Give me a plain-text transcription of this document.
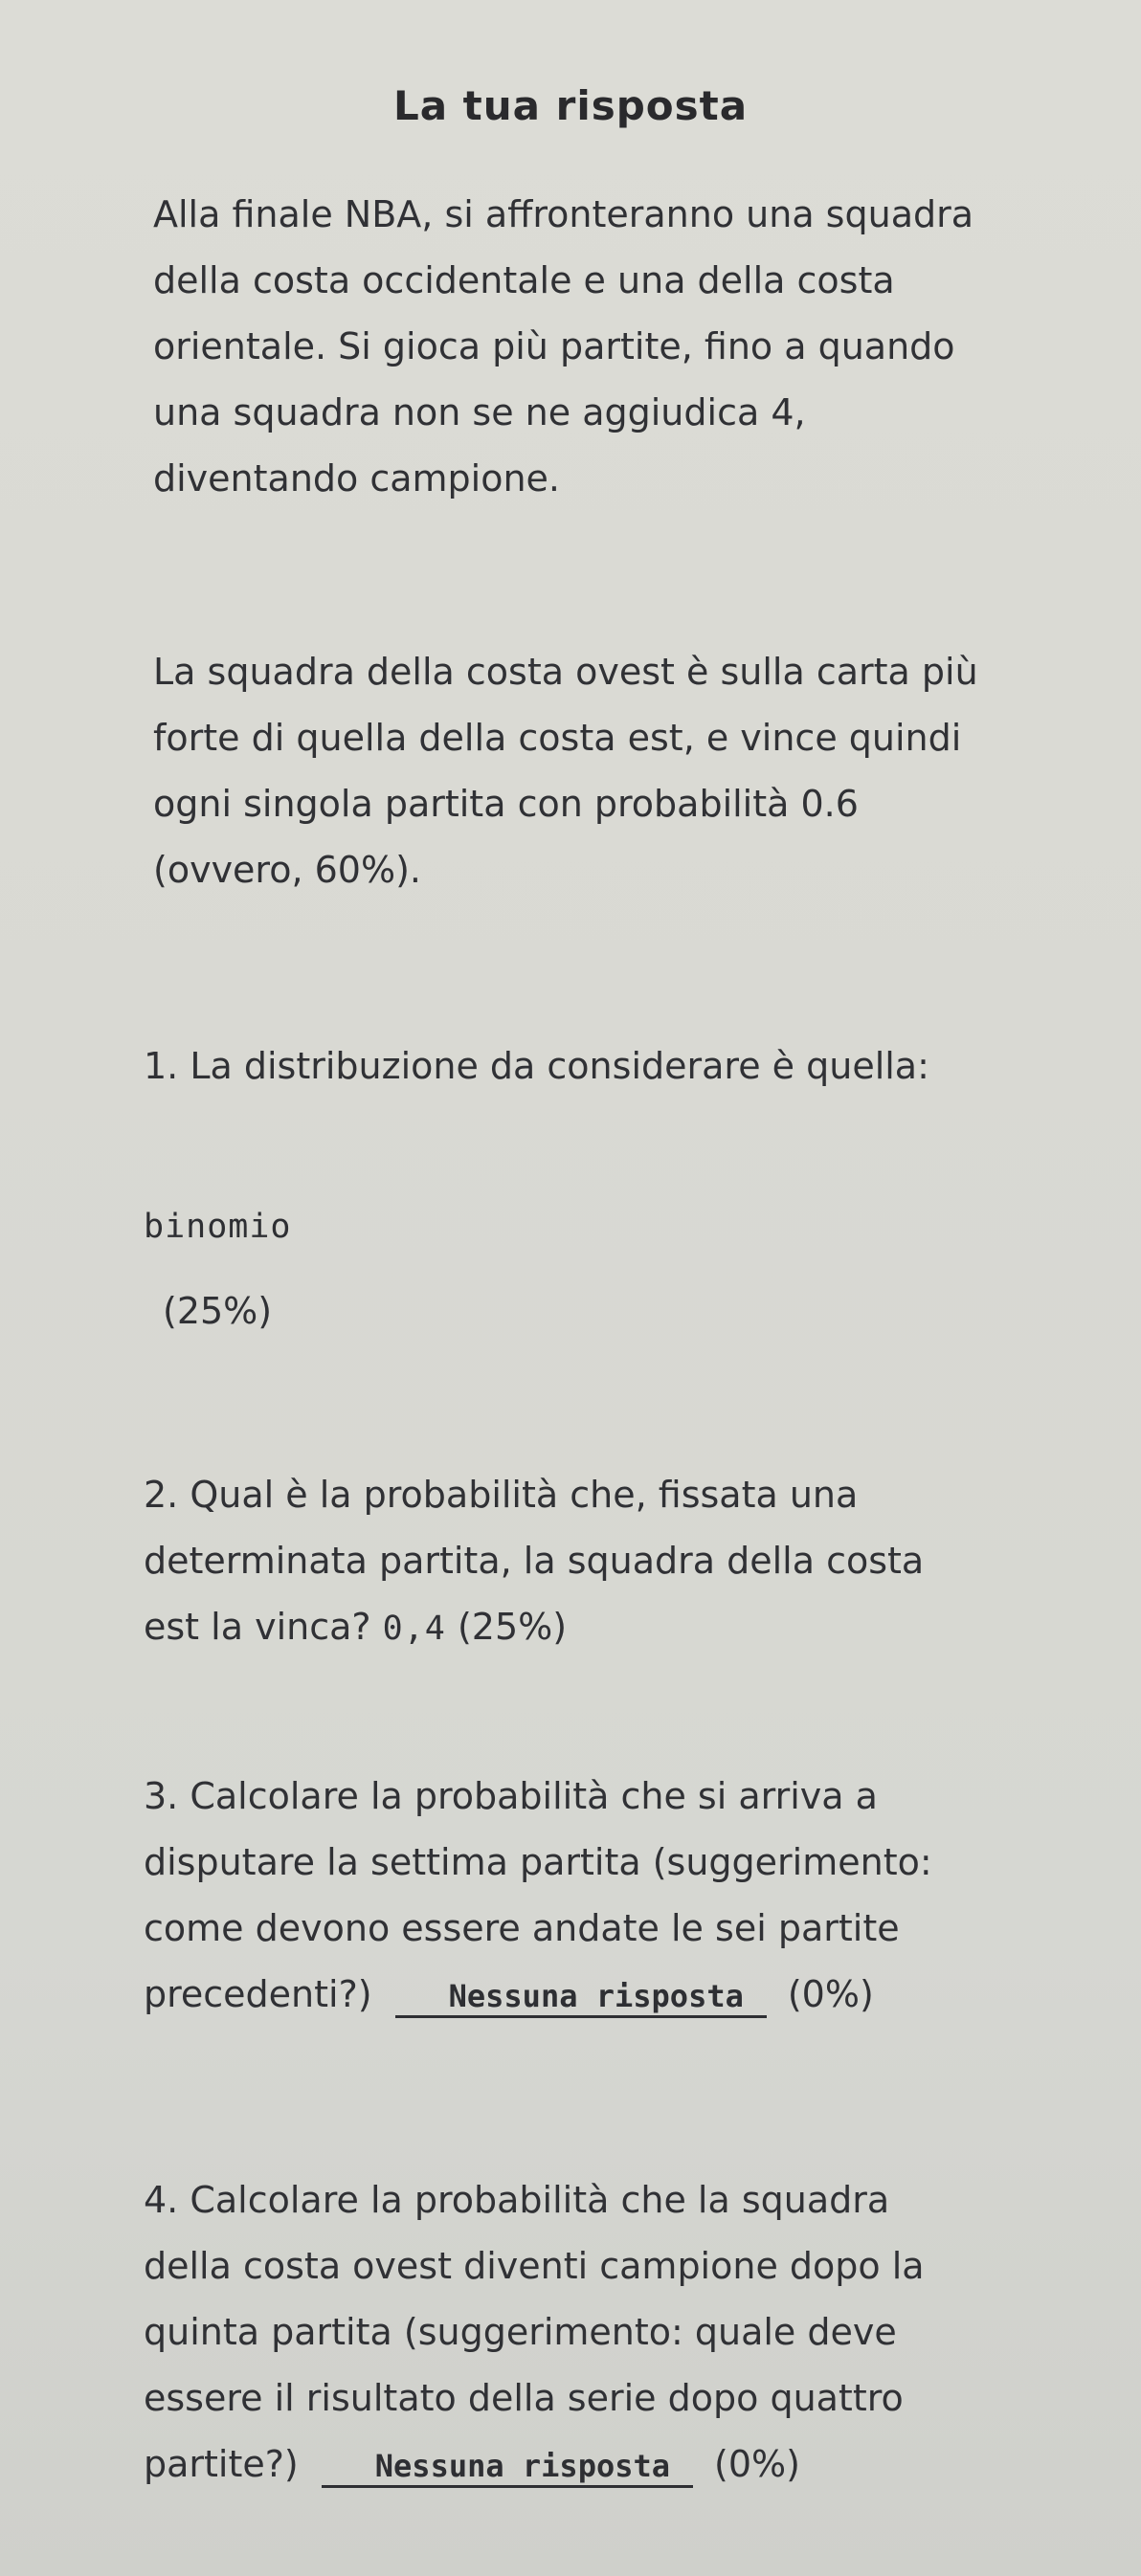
La tua risposta
Alla finale NBA, si affronteranno una squadra
della costa occidentale e una della costa
orientale. Si gioca più partite, fino a quando
una squadra non se ne aggiudica 4,
diventando campione.
La squadra della costa ovest è sulla carta più
forte di quella della costa est, e vince quindi
ogni singola partita con probabilità 0.6
(ovvero, 60%).
1. La distribuzione da considerare è quella:
binomio
(25%)
2. Qual è la probabilità che, fissata una
determinata partita, la squadra della costa
est la vinca? 0,4 (25%)
3. Calcolare la probabilità che si arriva a
disputare la settima partita (suggerimento:
come devono essere andate le sei partite
precedenti?)	Nessuna risposta (0%)
4. Calcolare la probabilità che la squadra
della costa ovest diventi campione dopo la
quinta partita (suggerimento: quale deve
essere il risultato della serie dopo quattro
partite?)	Nessuna risposta (0%)
